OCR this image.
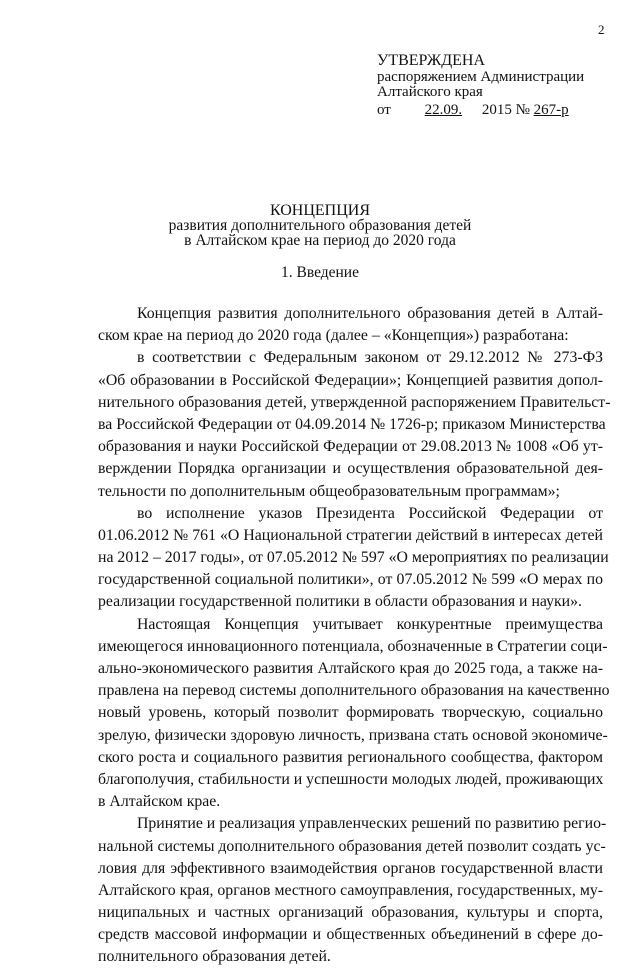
2
УТВЕРЖДЕНА
распоряжением Администрации
Алтайского края
от 22.09. 2015 № 267-р
КОНЦЕПЦИЯ
развития дополнительного образования детей
в Алтайском крае на период до 2020 года
1. Введение
Концепция развития дополнительного образования детей в Алтай-
ском крае на период до 2020 года (далее – «Концепция») разработана:
в соответствии с Федеральным законом от 29.12.2012 № 273-ФЗ
«Об образовании в Российской Федерации»; Концепцией развития допол-
нительного образования детей, утвержденной распоряжением Правительст-
ва Российской Федерации от 04.09.2014 № 1726-р; приказом Министерства
образования и науки Российской Федерации от 29.08.2013 № 1008 «Об ут-
верждении Порядка организации и осуществления образовательной дея-
тельности по дополнительным общеобразовательным программам»;
во исполнение указов Президента Российской Федерации от
01.06.2012 № 761 «О Национальной стратегии действий в интересах детей
на 2012 – 2017 годы», от 07.05.2012 № 597 «О мероприятиях по реализации
государственной социальной политики», от 07.05.2012 № 599 «О мерах по
реализации государственной политики в области образования и науки».
Настоящая Концепция учитывает конкурентные преимущества
имеющегося инновационного потенциала, обозначенные в Стратегии соци-
ально-экономического развития Алтайского края до 2025 года, а также на-
правлена на перевод системы дополнительного образования на качественно
новый уровень, который позволит формировать творческую, социально
зрелую, физически здоровую личность, призвана стать основой экономиче-
ского роста и социального развития регионального сообщества, фактором
благополучия, стабильности и успешности молодых людей, проживающих
в Алтайском крае.
Принятие и реализация управленческих решений по развитию регио-
нальной системы дополнительного образования детей позволит создать ус-
ловия для эффективного взаимодействия органов государственной власти
Алтайского края, органов местного самоуправления, государственных, му-
ниципальных и частных организаций образования, культуры и спорта,
средств массовой информации и общественных объединений в сфере до-
полнительного образования детей.
